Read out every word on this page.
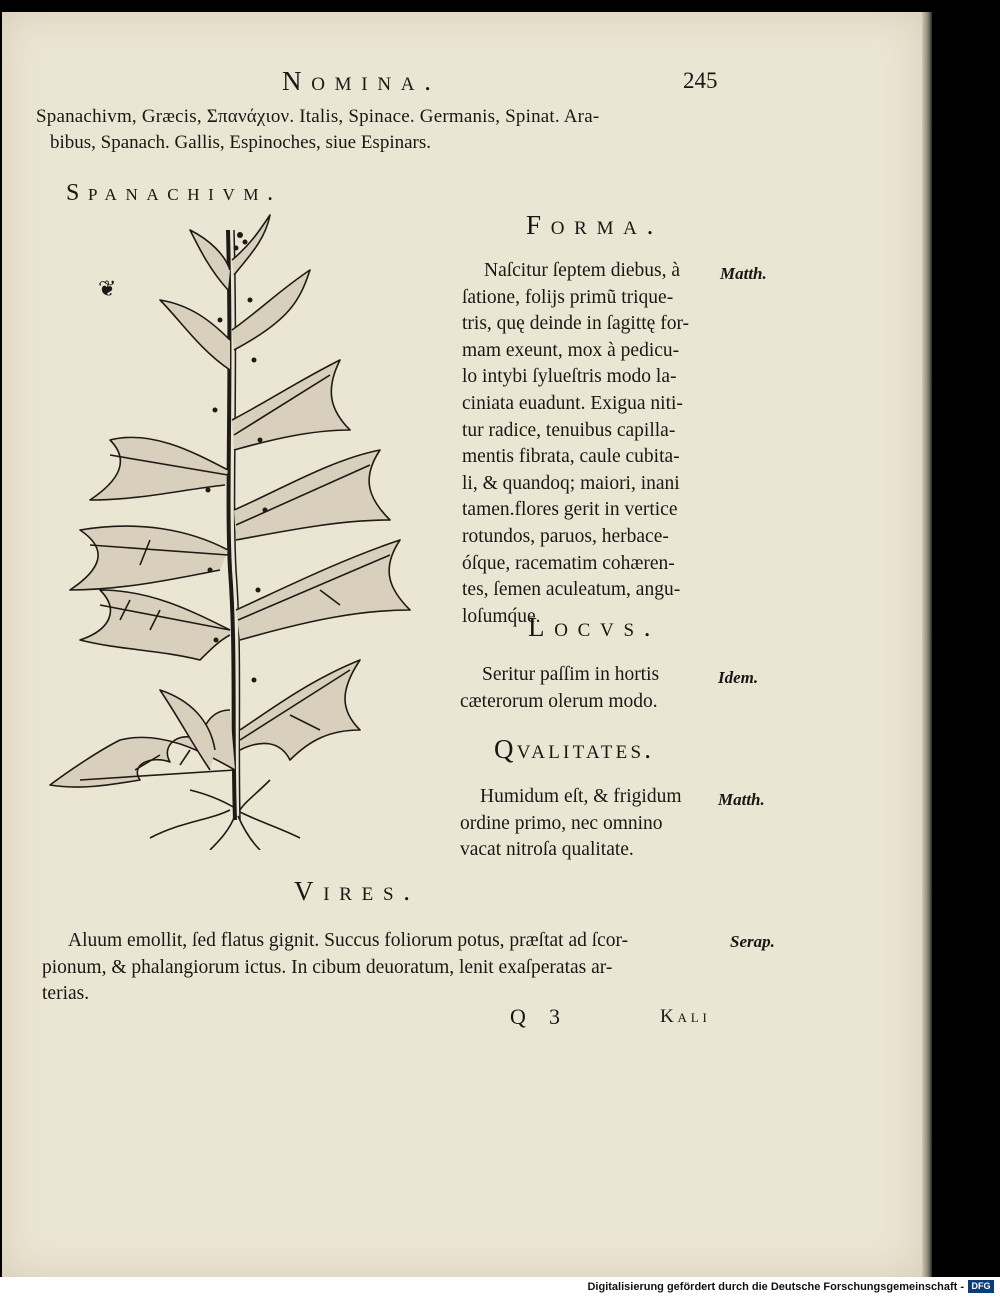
Nomina.	245
Spanachivm, Græcis, Σπανάχιον. Italis, Spinace. Germanis, Spinat. Ara-
bibus, Spanach. Gallis, Espinoches, siue Espinars.
Spanachivm.
❦
Forma.
Matth.

Naſcitur ſeptem diebus, à

ſatione, folijs primũ trique-

tris, quę deinde in ſagittę for-

mam exeunt, mox à pedicu-

lo intybi ſylueſtris modo la-

ciniata euadunt. Exigua niti-

tur radice, tenuibus capilla-

mentis fibrata, caule cubita-

li, & quandoq; maiori, inani

tamen.flores gerit in vertice

rotundos, paruos, herbace-

óſque, racematim cohæren-

tes, ſemen aculeatum, angu-

loſumq́ue.

Locvs.
Idem.

Seritur paſſim in hortis

cæterorum olerum modo.

Qvalitates.
Matth.

Humidum eſt, & frigidum

ordine primo, nec omnino

vacat nitroſa qualitate.

Vires.
Serap.

Aluum emollit, ſed flatus gignit. Succus foliorum potus, præſtat ad ſcor-

pionum, & phalangiorum ictus. In cibum deuoratum, lenit exaſperatas ar-

terias.

Q 3	Kali
Digitalisierung gefördert durch die Deutsche Forschungsgemeinschaft - DFG
